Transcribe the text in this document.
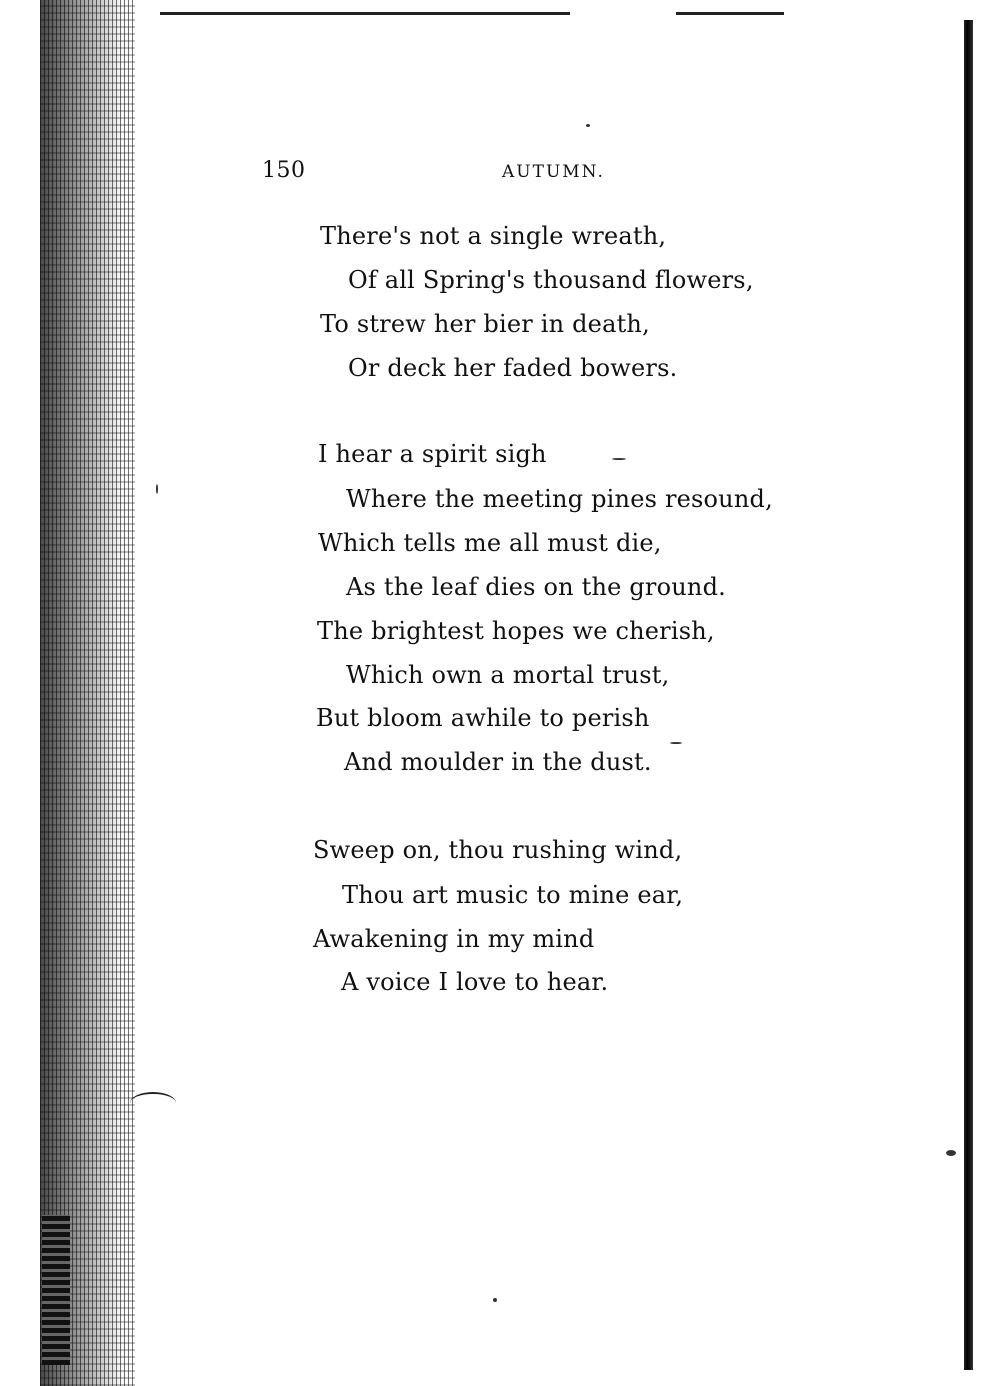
150	AUTUMN.
There's not a single wreath,
Of all Spring's thousand flowers,
To strew her bier in death,
Or deck her faded bowers.
I hear a spirit sigh
Where the meeting pines resound,
Which tells me all must die,
As the leaf dies on the ground.
The brightest hopes we cherish,
Which own a mortal trust,
But bloom awhile to perish
And moulder in the dust.
Sweep on, thou rushing wind,
Thou art music to mine ear,
Awakening in my mind
A voice I love to hear.
